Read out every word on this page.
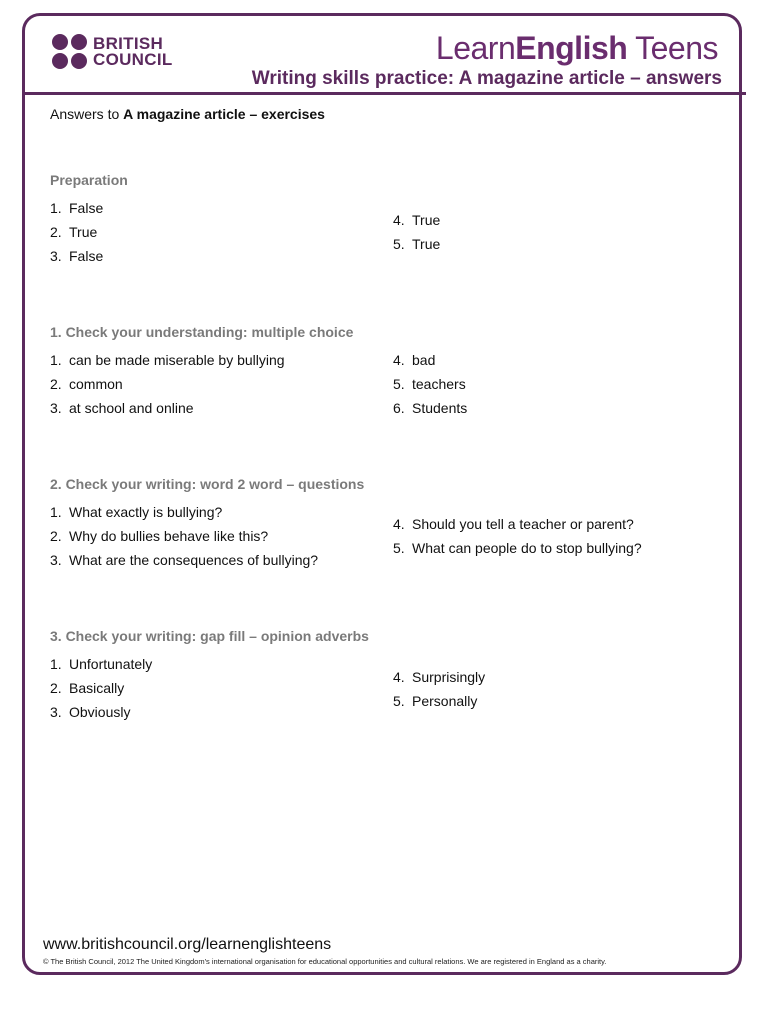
BRITISH
COUNCIL	LearnEnglish Teens
Writing skills practice: A magazine article – answers
Answers to A magazine article – exercises
Preparation
1. False
2. True
3. False
4. True
5. True
1. Check your understanding: multiple choice
1. can be made miserable by bullying
2. common
3. at school and online
4. bad
5. teachers
6. Students
2. Check your writing: word 2 word – questions
1. What exactly is bullying?
2. Why do bullies behave like this?
3. What are the consequences of bullying?
4. Should you tell a teacher or parent?
5. What can people do to stop bullying?
3. Check your writing: gap fill – opinion adverbs
1. Unfortunately
2. Basically
3. Obviously
4. Surprisingly
5. Personally
www.britishcouncil.org/learnenglishteens
© The British Council, 2012 The United Kingdom's international organisation for educational opportunities and cultural relations. We are registered in England as a charity.
